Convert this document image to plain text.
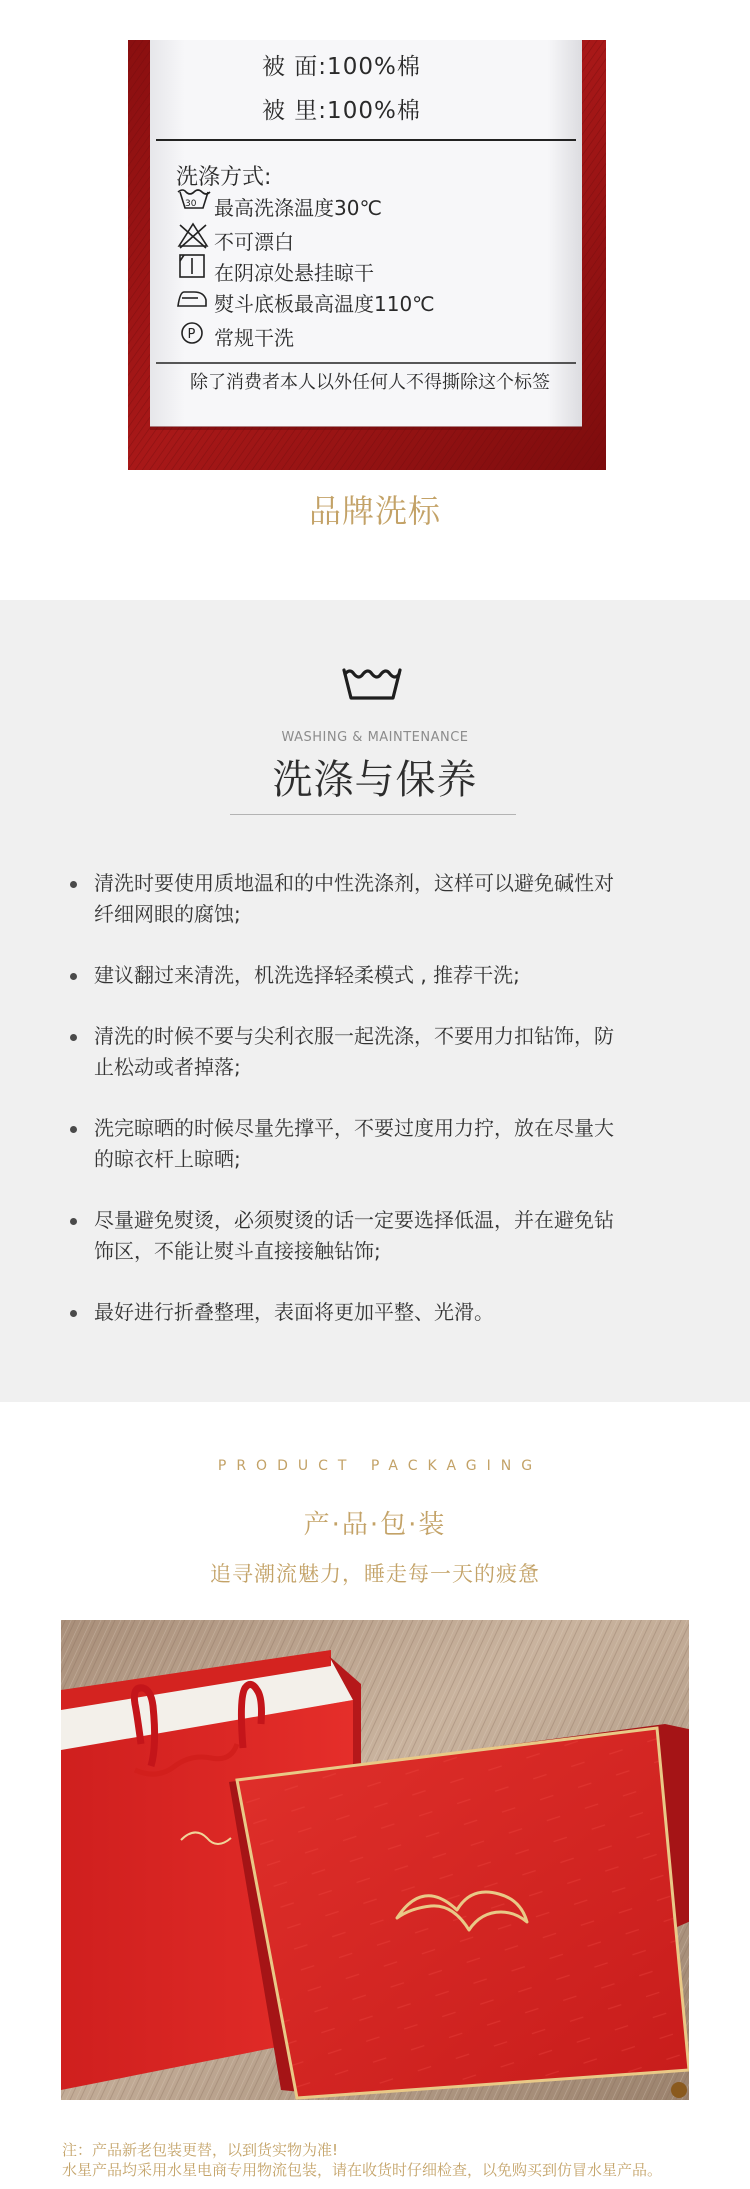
30
P
被 面:100%棉
被 里:100%棉
洗涤方式:
最高洗涤温度30℃
不可漂白
在阴凉处悬挂晾干
熨斗底板最高温度110℃
常规干洗
除了消费者本人以外任何人不得撕除这个标签
品牌洗标
WASHING & MAINTENANCE
洗涤与保养
清洗时要使用质地温和的中性洗涤剂，这样可以避免碱性对
纤细网眼的腐蚀;
建议翻过来清洗，机洗选择轻柔模式 , 推荐干洗;
清洗的时候不要与尖利衣服一起洗涤，不要用力扣钻饰，防
止松动或者掉落;
洗完晾晒的时候尽量先撑平，不要过度用力拧，放在尽量大
的晾衣杆上晾晒;
尽量避免熨烫，必须熨烫的话一定要选择低温，并在避免钻
饰区，不能让熨斗直接接触钻饰;
最好进行折叠整理，表面将更加平整、光滑。
PRODUCT PACKAGING
产·品·包·装
追寻潮流魅力，睡走每一天的疲惫
注：产品新老包装更替，以到货实物为准!
水星产品均采用水星电商专用物流包装，请在收货时仔细检查，以免购买到仿冒水星产品。
